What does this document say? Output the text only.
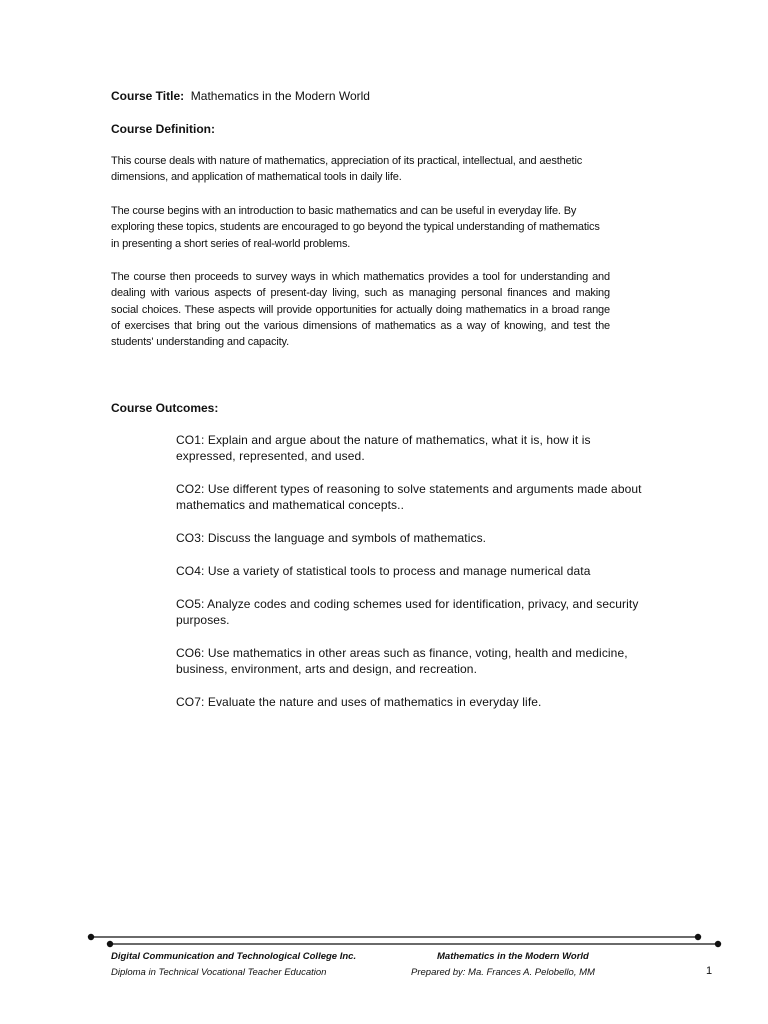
Course Title: Mathematics in the Modern World
Course Definition:

This course deals with nature of mathematics, appreciation of its practical, intellectual, and aesthetic dimensions, and application of mathematical tools in daily life.

The course begins with an introduction to basic mathematics and can be useful in everyday life. By exploring these topics, students are encouraged to go beyond the typical understanding of mathematics in presenting a short series of real-world problems.

The course then proceeds to survey ways in which mathematics provides a tool for understanding and dealing with various aspects of present-day living, such as managing personal finances and making social choices. These aspects will provide opportunities for actually doing mathematics in a broad range of exercises that bring out the various dimensions of mathematics as a way of knowing, and test the students' understanding and capacity.

Course Outcomes:
CO1: Explain and argue about the nature of mathematics, what it is, how it is expressed, represented, and used.
CO2: Use different types of reasoning to solve statements and arguments made about mathematics and mathematical concepts..
CO3: Discuss the language and symbols of mathematics.
CO4: Use a variety of statistical tools to process and manage numerical data
CO5: Analyze codes and coding schemes used for identification, privacy, and security purposes.
CO6: Use mathematics in other areas such as finance, voting, health and medicine, business, environment, arts and design, and recreation.
CO7: Evaluate the nature and uses of mathematics in everyday life.
Digital Communication and Technological College Inc.
Diploma in Technical Vocational Teacher Education
Mathematics in the Modern World
Prepared by: Ma. Frances A. Pelobello, MM	1
